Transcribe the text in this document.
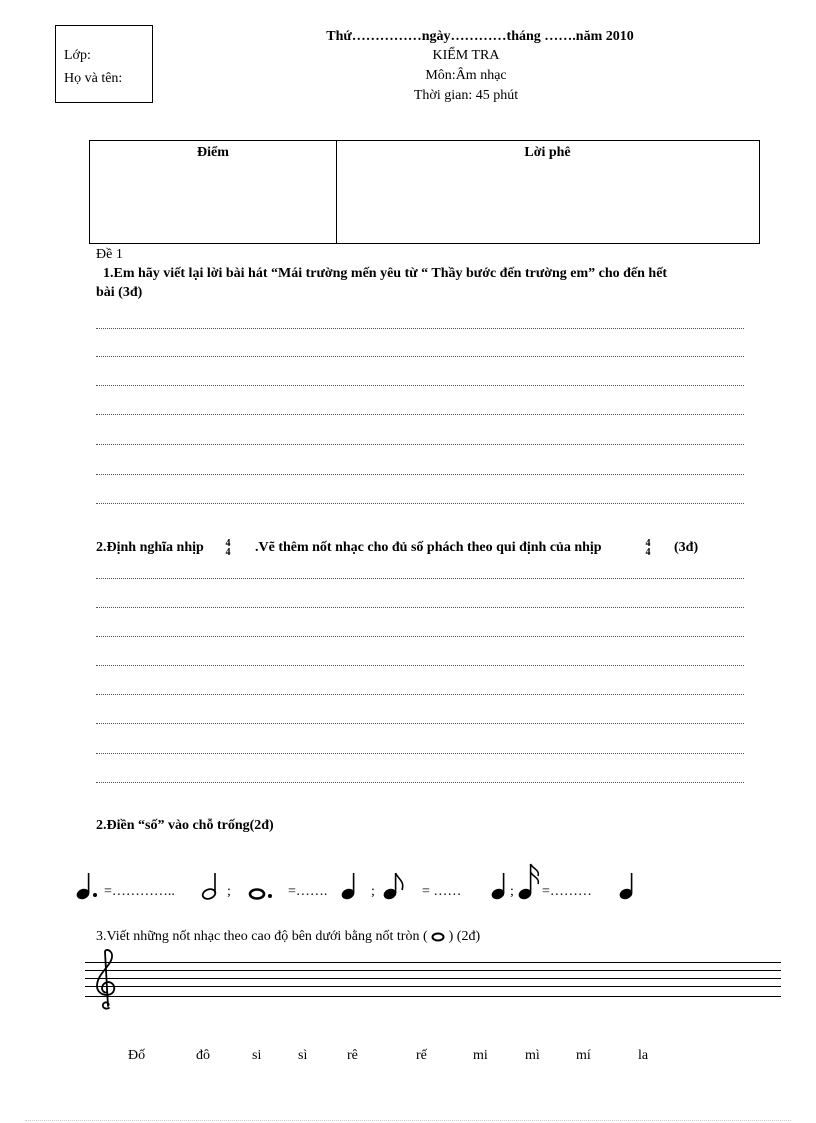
Lớp:
Họ và tên:
Thứ……………ngày…………tháng …….năm 2010
KIỂM TRA
Môn:Âm nhạc
Thời gian: 45 phút
Điểm	Lời phê
Đề 1
1.Em hãy viết lại lời bài hát “Mái trường mến yêu từ “ Thầy bước đến trường em” cho đến hết
bài (3đ)
2.Định nghĩa nhịp 4
4 .Vẽ thêm nốt nhạc cho đủ số phách theo qui định của nhịp	4
4 (3đ)
2.Điền “số” vào chỗ trống(2đ)
=…………..	;	=…….	;	= ……	; =………
3.Viết những nốt nhạc theo cao độ bên dưới bằng nốt tròn ( ) (2đ)
Đố	đô	si	sì	rê	rế	mi	mì	mí	la
